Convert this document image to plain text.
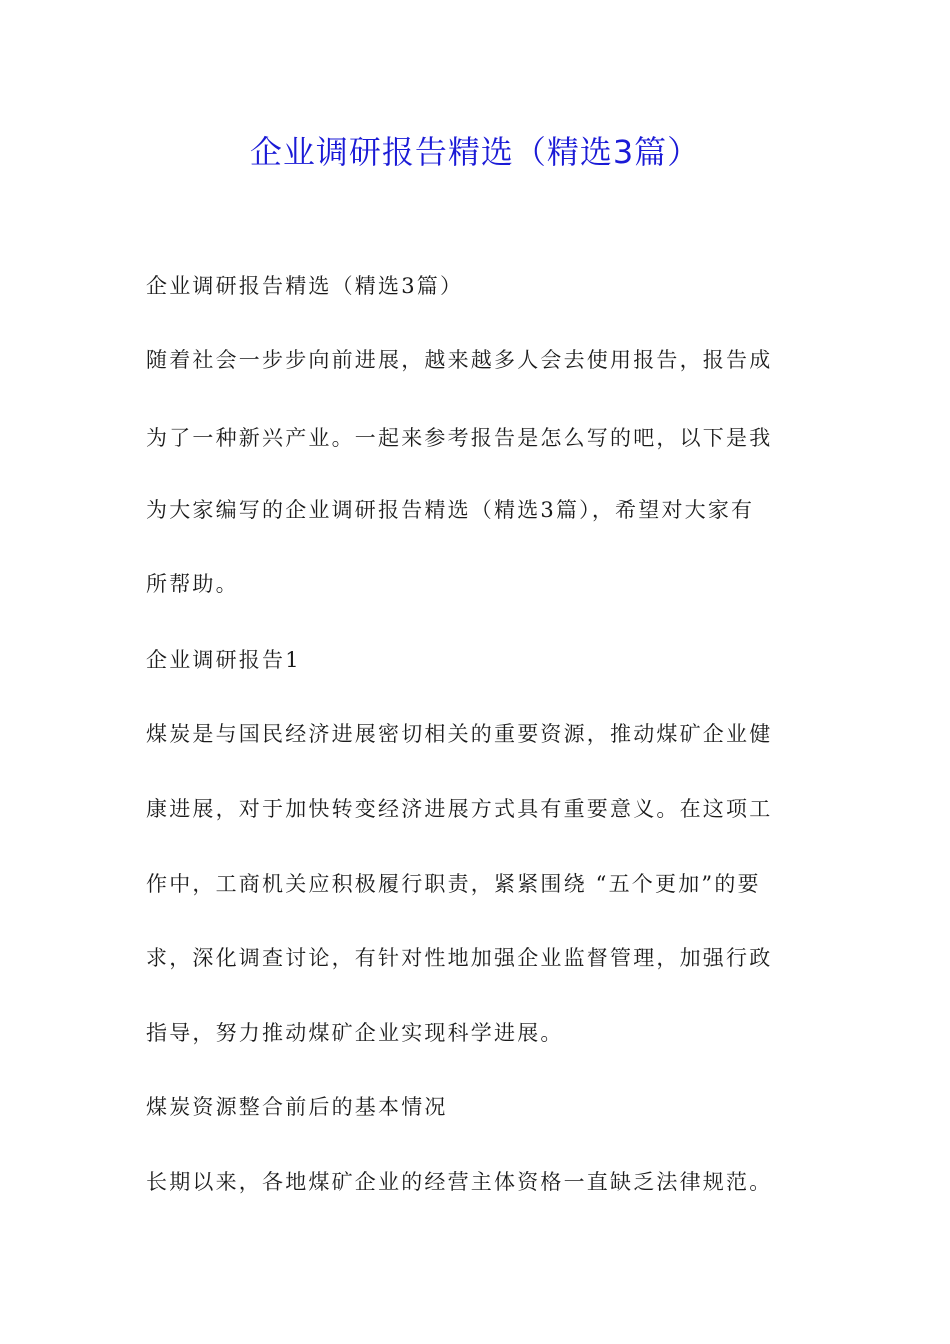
企业调研报告精选（精选3篇）

企业调研报告精选（精选3篇）

随着社会一步步向前进展，越来越多人会去使用报告，报告成

为了一种新兴产业。一起来参考报告是怎么写的吧，以下是我

为大家编写的企业调研报告精选（精选3篇），希望对大家有

所帮助。

企业调研报告1

煤炭是与国民经济进展密切相关的重要资源，推动煤矿企业健

康进展，对于加快转变经济进展方式具有重要意义。在这项工

作中，工商机关应积极履行职责，紧紧围绕 “五个更加”的要

求，深化调查讨论，有针对性地加强企业监督管理，加强行政

指导，努力推动煤矿企业实现科学进展。

煤炭资源整合前后的基本情况

长期以来，各地煤矿企业的经营主体资格一直缺乏法律规范。
